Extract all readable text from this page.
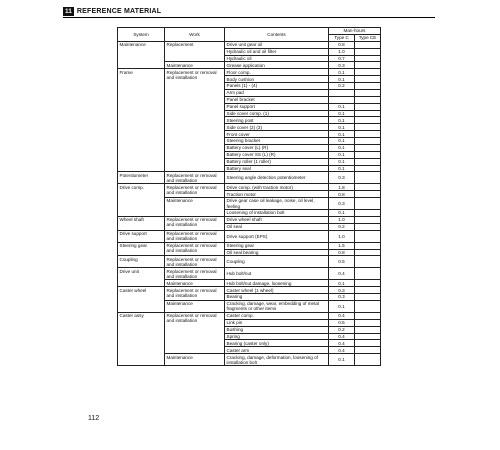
11 REFERENCE MATERIAL
System	Work	Contents	Man-hours	
			Type C	Type CE
Maintenance	Replacement	Drive unit gear oil	0.8	
		Hydraulic oil and oil filter	1.0	
		Hydraulic oil	0.7	
	Maintenance	Grease application	0.3	
Frame	Replacement or removal and installation	Floor comp.	0.1	
		Body cushion	0.1	
		Panels (1) - (4)	0.2	
		Arm pad		
		Panel bracket		
		Panel support	0.1	
		Side cover comp. (1)	0.1	
		Steering post	0.1	
		Side cover (2) (3)	0.1	
		Front cover	0.1	
		Steering bracket	0.1	
		Battery cover (L) (R)	0.1	
		Battery cover SS (L) (R)	0.1	
		Battery roller (1 roller)	0.1	
		Battery seal	0.1	
Potentiometer	Replacement or removal and installation	Steering angle detection potentiometer	0.3	
Drive comp.	Replacement or removal and installation	Drive comp. (with traction motor)	1.8	
		Traction motor	0.8	
	Maintenance	Drive gear case oil leakage, noise, oil level, feeling	0.3	
		Loosening of installation bolt	0.1	
Wheel shaft	Replacement or removal and installation	Drive wheel shaft	1.0	
		Oil seal	0.2	
Drive support	Replacement or removal and installation	Drive support (EPS)	1.0	
Steering gear	Replacement or removal and installation	Steering gear	1.5	
		Oil seal bearing	0.8	
Coupling	Replacement or removal and installation	Coupling	0.5	
Drive unit	Replacement or removal and installation	Hub bolt/nut	0.4	
	Maintenance	Hub bolt/nut damage, loosening	0.1	
Caster wheel	Replacement or removal and installation	Caster wheel (1 wheel)	0.3	
		Bearing	0.3	
	Maintenance	Cracking, damage, wear, embedding of metal fragments or other items	0.1	
Caster assy	Replacement or removal and installation	Caster comp.	0.4	
		Link pin	0.5	
		Bushing	0.2	
		Spring	0.4	
		Bearing (caster only)	0.4	
		Caster arm	0.4	
	Maintenance	Cracking, damage, deformation, loosening of installation bolt	0.1	
112
